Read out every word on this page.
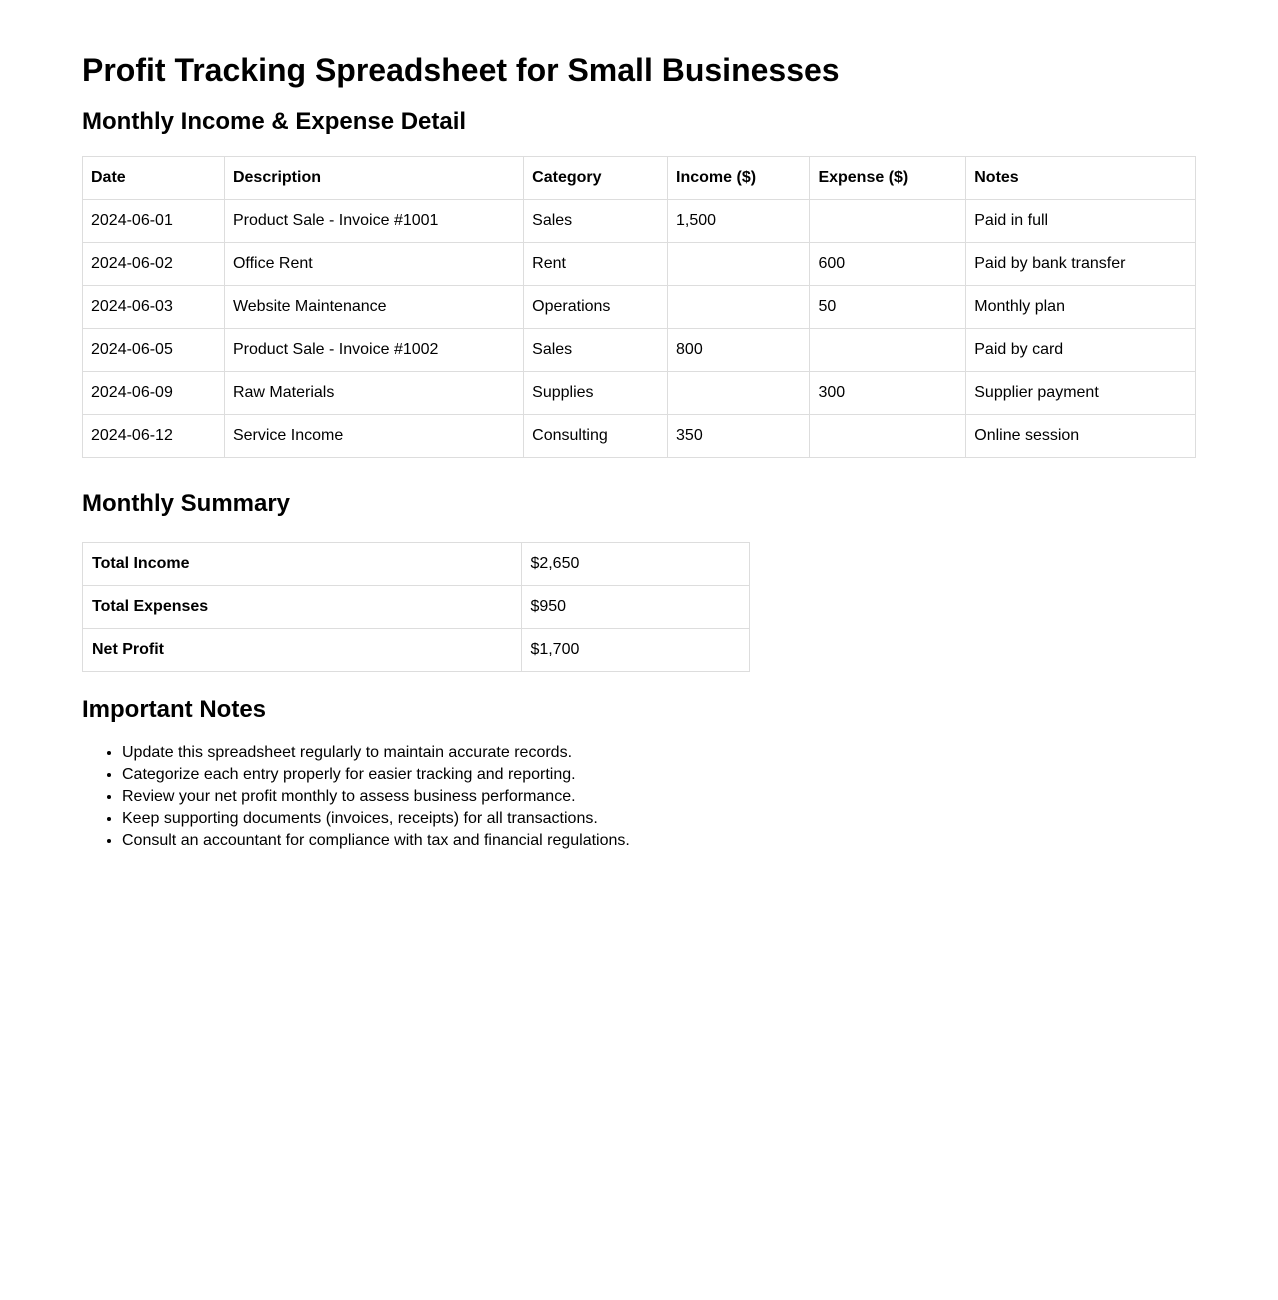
Profit Tracking Spreadsheet for Small Businesses
Monthly Income & Expense Detail
Date	Description	Category	Income ($)	Expense ($)	Notes
2024-06-01	Product Sale - Invoice #1001	Sales	1,500		Paid in full
2024-06-02	Office Rent	Rent		600	Paid by bank transfer
2024-06-03	Website Maintenance	Operations		50	Monthly plan
2024-06-05	Product Sale - Invoice #1002	Sales	800		Paid by card
2024-06-09	Raw Materials	Supplies		300	Supplier payment
2024-06-12	Service Income	Consulting	350		Online session
Monthly Summary
Total Income	$2,650
Total Expenses	$950
Net Profit	$1,700
Important Notes
• Update this spreadsheet regularly to maintain accurate records.
• Categorize each entry properly for easier tracking and reporting.
• Review your net profit monthly to assess business performance.
• Keep supporting documents (invoices, receipts) for all transactions.
• Consult an accountant for compliance with tax and financial regulations.
